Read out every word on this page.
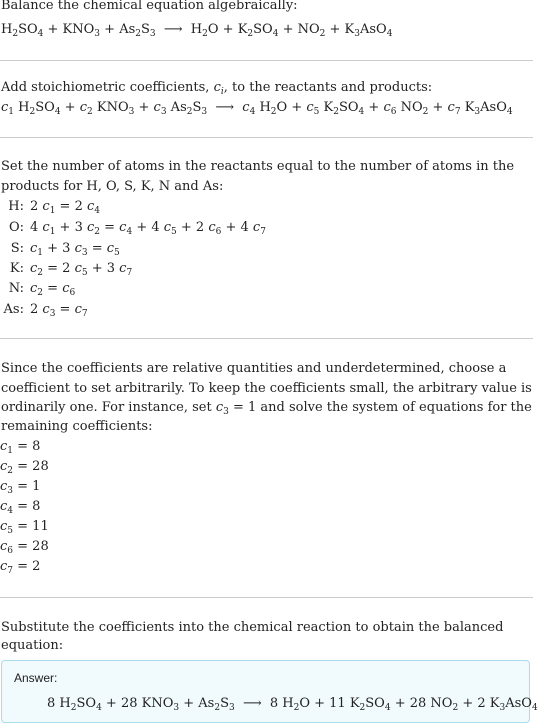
Balance the chemical equation algebraically:
$H_2SO_4 + KNO_3 + As_2S_3$  ⟶  $H_2O + K_2SO_4 + NO_2 + K_3AsO_4$
Add stoichiometric coefficients, $c_i$, to the reactants and products:
$c_1$ $H_2SO_4 + c_2$ $KNO_3 + c_3$ $As_2S_3$  ⟶  $c_4$ $H_2O + c_5$ $K_2SO_4 + c_6$ $NO_2 + c_7$ $K_3AsO_4$
Set the number of atoms in the reactants equal to the number of atoms in the
products for H, O, S, K, N and As:
H: 2 $c_1 = 2$ $c_4$
O: 4 $c_1 + 3$ $c_2 = c_4 + 4$ $c_5 + 2$ $c_6 + 4$ $c_7$
S: $c_1 + 3$ $c_3 = c_5$
K: $c_2 = 2$ $c_5 + 3$ $c_7$
N: $c_2 = c_6$
As: 2 $c_3 = c_7$
Since the coefficients are relative quantities and underdetermined, choose a
coefficient to set arbitrarily. To keep the coefficients small, the arbitrary value is
ordinarily one. For instance, set $c_3 = 1$ and solve the system of equations for the
remaining coefficients:
$c_1 = 8$
$c_2 = 28$
$c_3 = 1$
$c_4 = 8$
$c_5 = 11$
$c_6 = 28$
$c_7 = 2$
Substitute the coefficients into the chemical reaction to obtain the balanced
equation:
Answer:
8 $H_2SO_4 + 28$ $KNO_3 + As_2S_3$  ⟶  8 $H_2O + 11$ $K_2SO_4 + 28$ $NO_2 + 2$ $K_3AsO_4$
